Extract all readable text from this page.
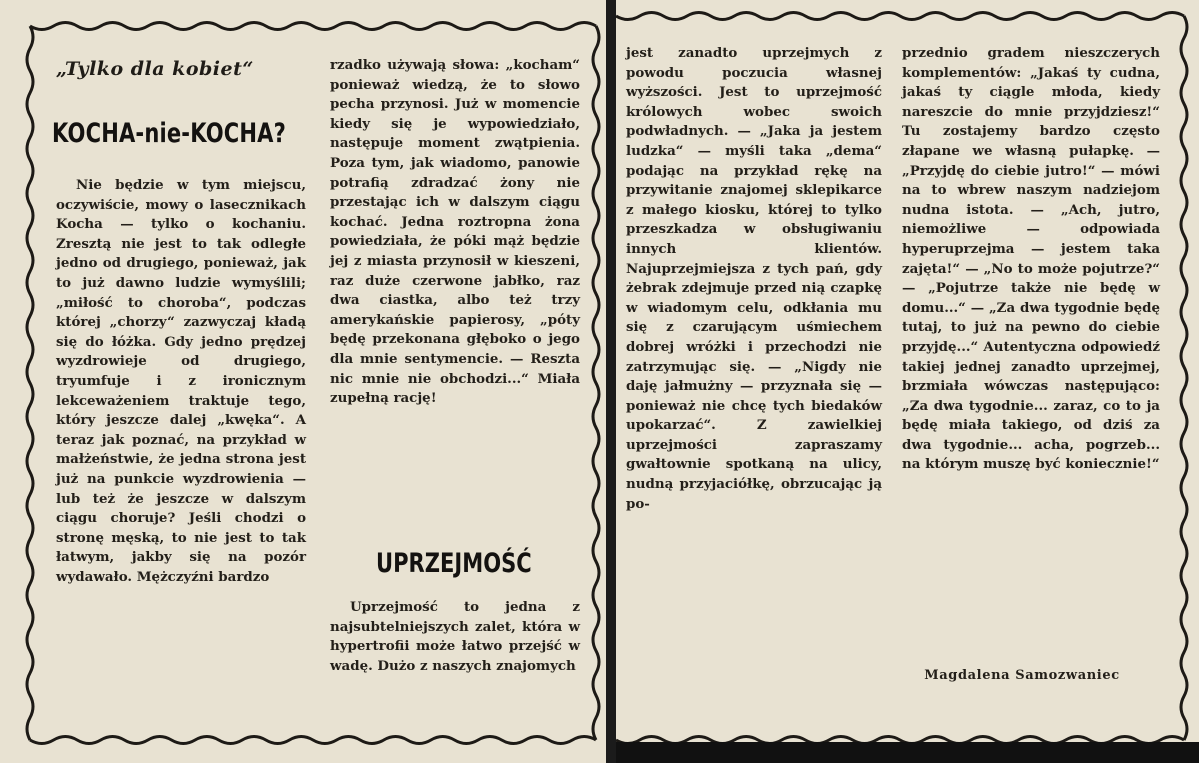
„Tylko dla kobiet“
KOCHA-nie-KOCHA?

Nie będzie w tym miejscu, oczywiście, mowy o lasecznikach Kocha — tylko o kochaniu. Zresztą nie jest to tak odległe jedno od drugiego, ponieważ, jak to już dawno ludzie wymyślili; „miłość to choroba“, podczas której „chorzy“ zazwyczaj kładą się do łóżka. Gdy jedno prędzej wyzdrowieje od drugiego, tryumfuje i z ironicznym lekceważeniem traktuje tego, który jeszcze dalej „kwęka“. A teraz jak poznać, na przykład w małżeństwie, że jedna strona jest już na punkcie wyzdrowienia — lub też że jeszcze w dalszym ciągu choruje? Jeśli chodzi o stronę męską, to nie jest to tak łatwym, jakby się na pozór wydawało. Mężczyźni bardzo

rzadko używają słowa: „kocham“ ponieważ wiedzą, że to słowo pecha przynosi. Już w momencie kiedy się je wypowiedziało, następuje moment zwątpienia. Poza tym, jak wiadomo, panowie potrafią zdradzać żony nie przestając ich w dalszym ciągu kochać. Jedna roztropna żona powiedziała, że póki mąż będzie jej z miasta przynosił w kieszeni, raz duże czerwone jabłko, raz dwa ciastka, albo też trzy amerykańskie papierosy, „póty będę przekonana głęboko o jego dla mnie sentymencie. — Reszta nic mnie nie obchodzi...“ Miała zupełną rację!

UPRZEJMOŚĆ

Uprzejmość to jedna z najsubtelniejszych zalet, która w hypertrofii może łatwo przejść w wadę. Dużo z naszych znajomych

jest zanadto uprzejmych z powodu poczucia własnej wyższości. Jest to uprzejmość królowych wobec swoich podwładnych. — „Jaka ja jestem ludzka“ — myśli taka „dema“ podając na przykład rękę na przywitanie znajomej sklepikarce z małego kiosku, której to tylko przeszkadza w obsługiwaniu innych klientów. Najuprzejmiejsza z tych pań, gdy żebrak zdejmuje przed nią czapkę w wiadomym celu, odkłania mu się z czarującym uśmiechem dobrej wróżki i przechodzi nie zatrzymując się. — „Nigdy nie daję jałmużny — przyznała się — ponieważ nie chcę tych biedaków upokarzać“. Z zawielkiej uprzejmości zapraszamy gwałtownie spotkaną na ulicy, nudną przyjaciółkę, obrzucając ją po-

przednio gradem nieszczerych komplementów: „Jakaś ty cudna, jakaś ty ciągle młoda, kiedy nareszcie do mnie przyjdziesz!“ Tu zostajemy bardzo często złapane we własną pułapkę. — „Przyjdę do ciebie jutro!“ — mówi na to wbrew naszym nadziejom nudna istota. — „Ach, jutro, niemożliwe — odpowiada hyperuprzejma — jestem taka zajęta!“ — „No to może pojutrze?“ — „Pojutrze także nie będę w domu...“ — „Za dwa tygodnie będę tutaj, to już na pewno do ciebie przyjdę...“ Autentyczna odpowiedź takiej jednej zanadto uprzejmej, brzmiała wówczas następująco: „Za dwa tygodnie... zaraz, co to ja będę miała takiego, od dziś za dwa tygodnie... acha, pogrzeb... na którym muszę być koniecznie!“

Magdalena Samozwaniec
